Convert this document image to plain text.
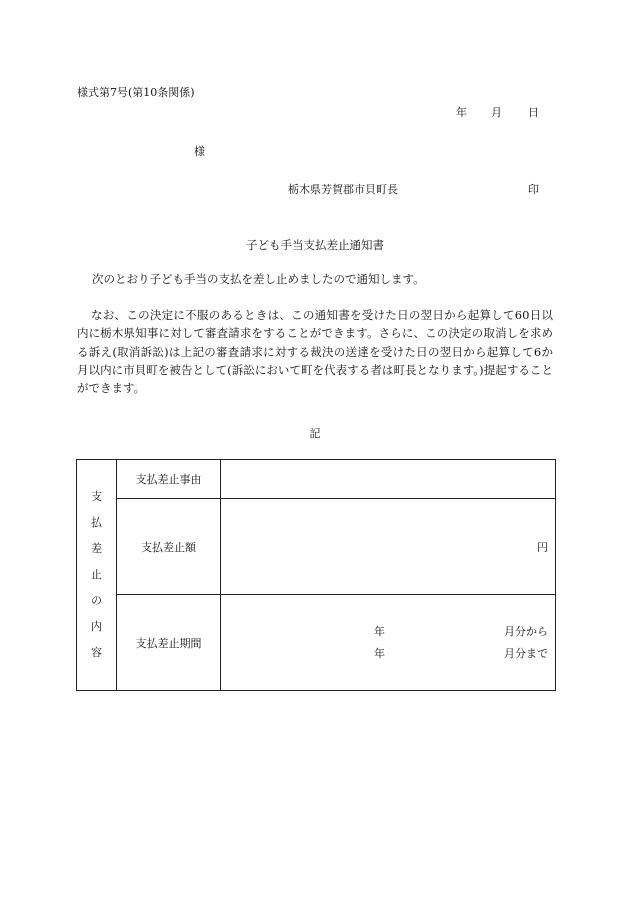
様式第7号(第10条関係)
年 月 日
様
栃木県芳賀郡市貝町長	印
子ども手当支払差止通知書
次のとおり子ども手当の支払を差し止めましたので通知します。

なお、この決定に不服のあるときは、この通知書を受けた日の翌日から起算して60日以内に栃木県知事に対して審査請求をすることができます。さらに、この決定の取消しを求める訴え(取消訴訟)は上記の審査請求に対する裁決の送達を受けた日の翌日から起算して6か月以内に市貝町を被告として(訴訟において町を代表する者は町長となります。)提起することができます。

記
支払差止の内容	支払差止事由	
	支払差止額	円

	支払差止期間	年 月分から
年 月分まで
